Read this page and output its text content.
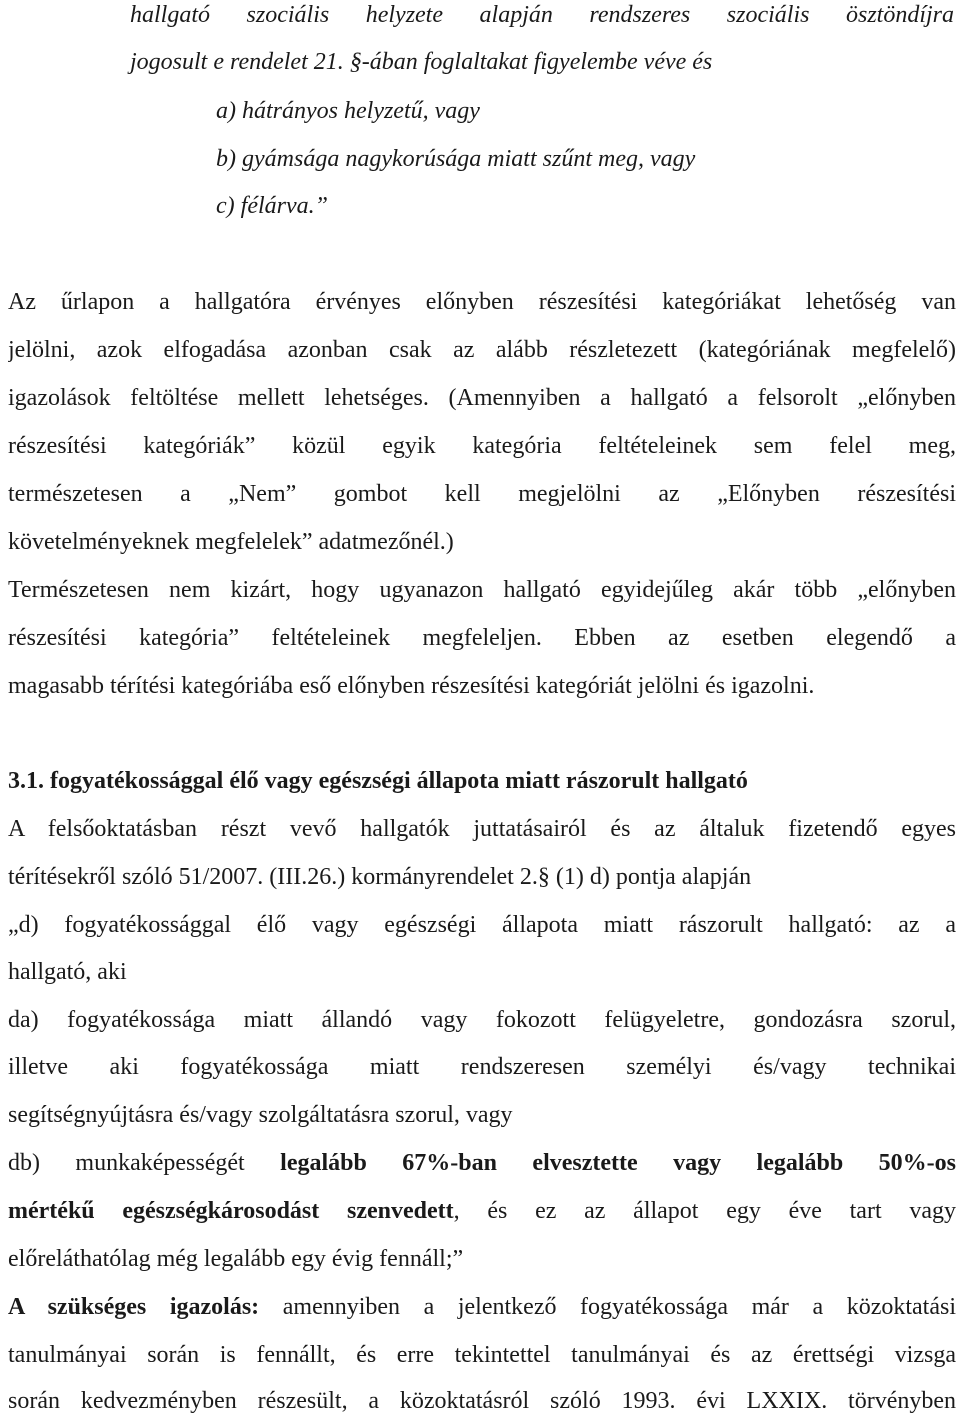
hallgató szociális helyzete alapján rendszeres szociális ösztöndíjra
jogosult e rendelet 21. §-ában foglaltakat figyelembe véve és
a) hátrányos helyzetű, vagy
b) gyámsága nagykorúsága miatt szűnt meg, vagy
c) félárva.”
Az űrlapon a hallgatóra érvényes előnyben részesítési kategóriákat lehetőség van
jelölni, azok elfogadása azonban csak az alább részletezett (kategóriának megfelelő)
igazolások feltöltése mellett lehetséges. (Amennyiben a hallgató a felsorolt „előnyben
részesítési kategóriák” közül egyik kategória feltételeinek sem felel meg,
természetesen a „Nem” gombot kell megjelölni az „Előnyben részesítési
követelményeknek megfelelek” adatmezőnél.)
Természetesen nem kizárt, hogy ugyanazon hallgató egyidejűleg akár több „előnyben
részesítési kategória” feltételeinek megfeleljen. Ebben az esetben elegendő a
magasabb térítési kategóriába eső előnyben részesítési kategóriát jelölni és igazolni.
3.1. fogyatékossággal élő vagy egészségi állapota miatt rászorult hallgató
A felsőoktatásban részt vevő hallgatók juttatásairól és az általuk fizetendő egyes
térítésekről szóló 51/2007. (III.26.) kormányrendelet 2.§ (1) d) pontja alapján
„d) fogyatékossággal élő vagy egészségi állapota miatt rászorult hallgató: az a
hallgató, aki
da) fogyatékossága miatt állandó vagy fokozott felügyeletre, gondozásra szorul,
illetve aki fogyatékossága miatt rendszeresen személyi és/vagy technikai
segítségnyújtásra és/vagy szolgáltatásra szorul, vagy
db) munkaképességét legalább 67%-ban elvesztette vagy legalább 50%-os
mértékű egészségkárosodást szenvedett, és ez az állapot egy éve tart vagy
előreláthatólag még legalább egy évig fennáll;”
A szükséges igazolás: amennyiben a jelentkező fogyatékossága már a közoktatási
tanulmányai során is fennállt, és erre tekintettel tanulmányai és az érettségi vizsga
során kedvezményben részesült, a közoktatásról szóló 1993. évi LXXIX. törvényben
